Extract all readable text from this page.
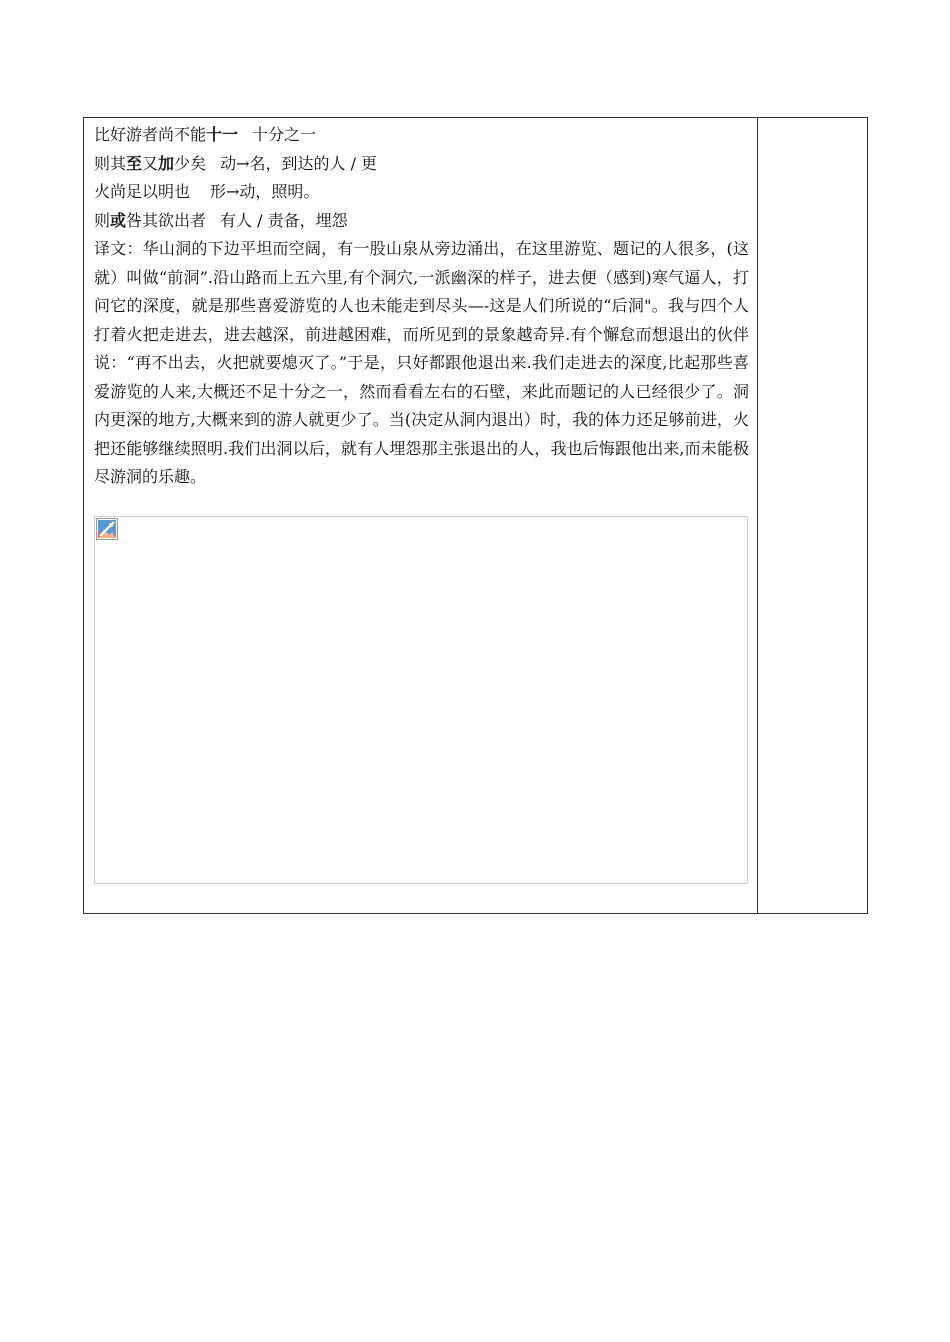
比好游者尚不能十一 十分之一
则其至又加少矣 动→名，到达的人 / 更
火尚足以明也 形→动，照明。
则或咎其欲出者 有人 / 责备，埋怨

译文：华山洞的下边平坦而空阔，有一股山泉从旁边涌出，在这里游览、题记的人很多，(这就）叫做“前洞”.沿山路而上五六里,有个洞穴,一派幽深的样子，进去便（感到)寒气逼人，打问它的深度，就是那些喜爱游览的人也未能走到尽头—-这是人们所说的“后洞"。我与四个人打着火把走进去，进去越深，前进越困难，而所见到的景象越奇异.有个懈怠而想退出的伙伴说：“再不出去，火把就要熄灭了。”于是，只好都跟他退出来.我们走进去的深度,比起那些喜爱游览的人来,大概还不足十分之一，然而看看左右的石壁，来此而题记的人已经很少了。洞内更深的地方,大概来到的游人就更少了。当(决定从洞内退出）时，我的体力还足够前进，火把还能够继续照明.我们出洞以后，就有人埋怨那主张退出的人，我也后悔跟他出来,而未能极尽游洞的乐趣。
